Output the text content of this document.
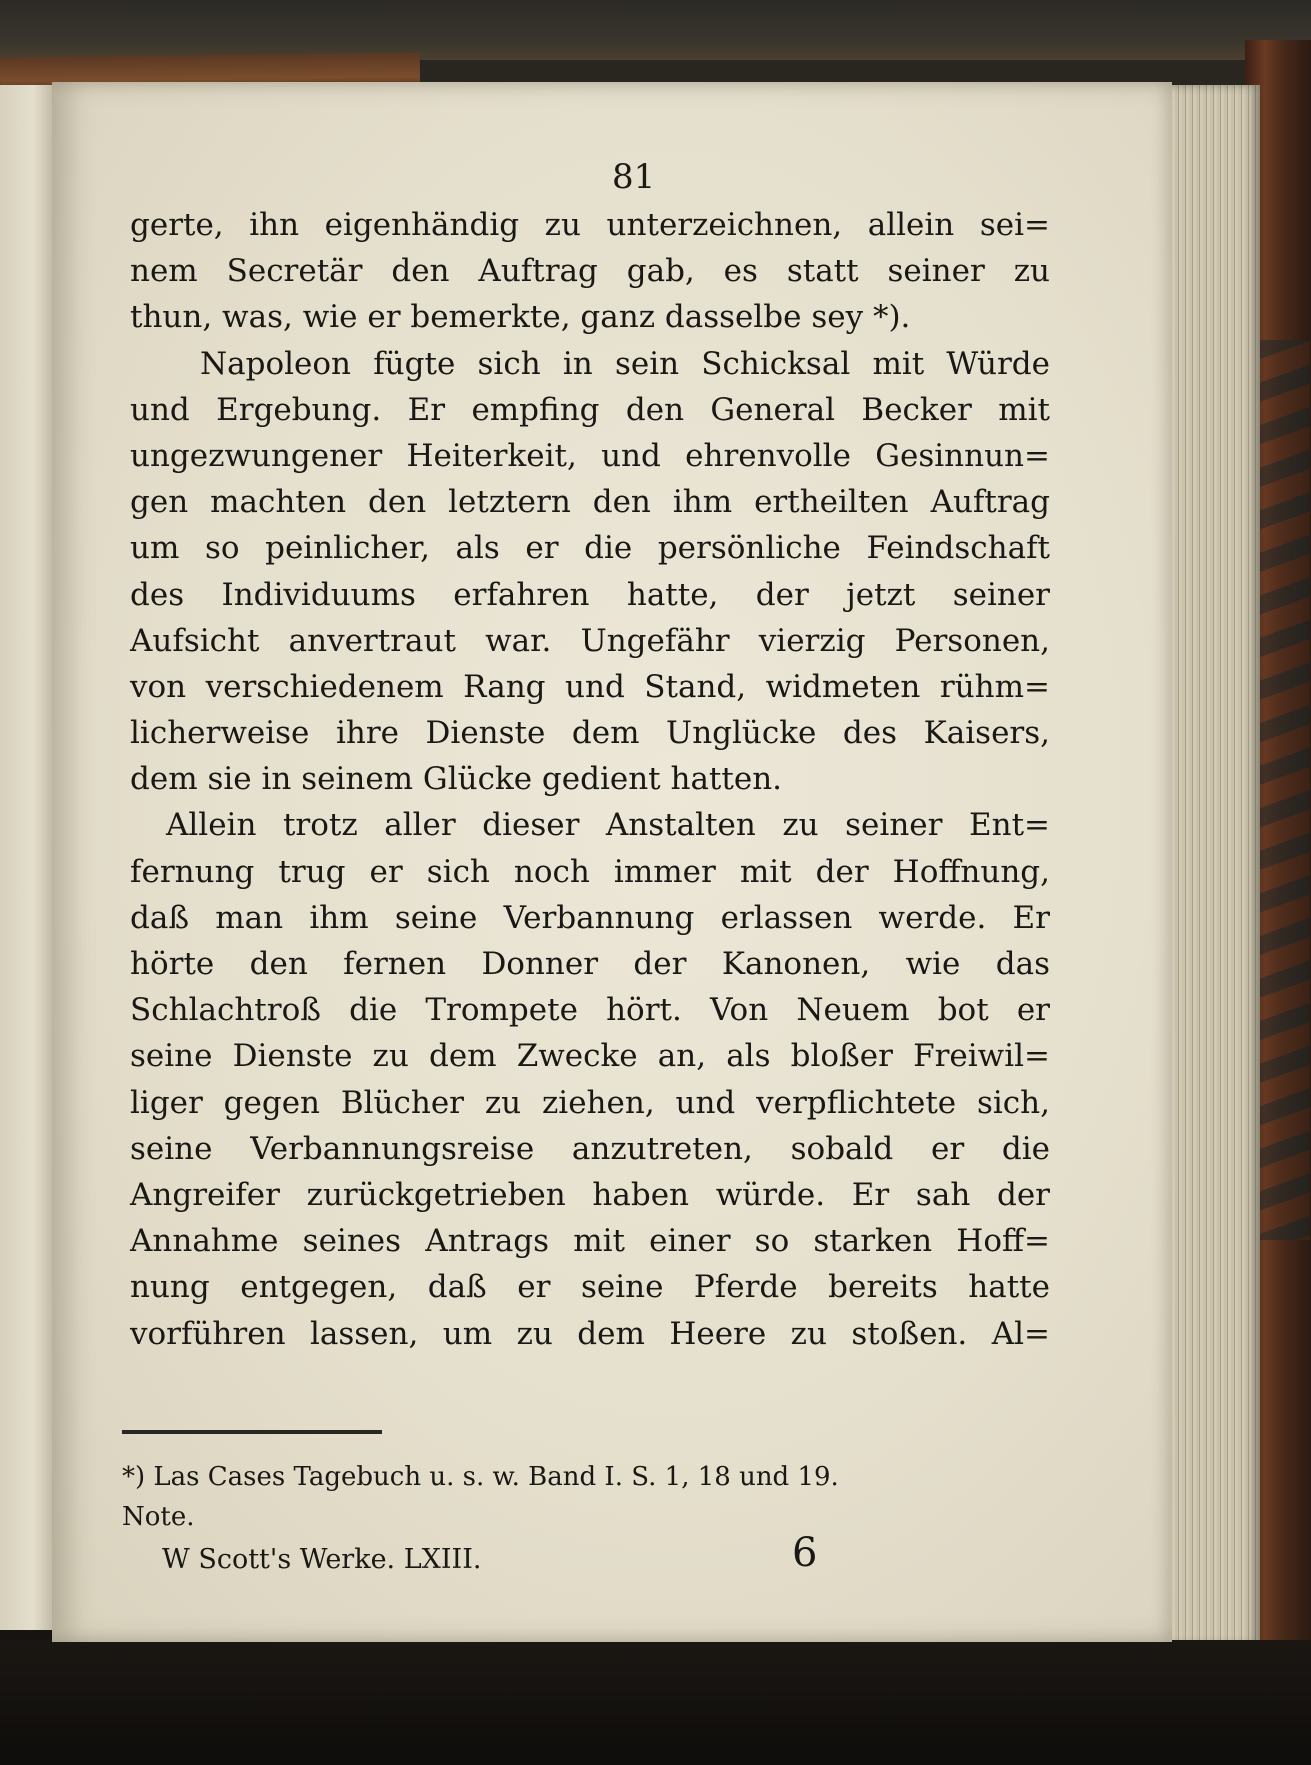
81
gerte, ihn eigenhändig zu unterzeichnen, allein sei=
nem Secretär den Auftrag gab, es statt seiner zu
thun, was, wie er bemerkte, ganz dasselbe sey *).
Napoleon fügte sich in sein Schicksal mit Würde
und Ergebung. Er empfing den General Becker mit
ungezwungener Heiterkeit, und ehrenvolle Gesinnun=
gen machten den letztern den ihm ertheilten Auftrag
um so peinlicher, als er die persönliche Feindschaft
des Individuums erfahren hatte, der jetzt seiner
Aufsicht anvertraut war. Ungefähr vierzig Personen,
von verschiedenem Rang und Stand, widmeten rühm=
licherweise ihre Dienste dem Unglücke des Kaisers,
dem sie in seinem Glücke gedient hatten.
Allein trotz aller dieser Anstalten zu seiner Ent=
fernung trug er sich noch immer mit der Hoffnung,
daß man ihm seine Verbannung erlassen werde. Er
hörte den fernen Donner der Kanonen, wie das
Schlachtroß die Trompete hört. Von Neuem bot er
seine Dienste zu dem Zwecke an, als bloßer Freiwil=
liger gegen Blücher zu ziehen, und verpflichtete sich,
seine Verbannungsreise anzutreten, sobald er die
Angreifer zurückgetrieben haben würde. Er sah der
Annahme seines Antrags mit einer so starken Hoff=
nung entgegen, daß er seine Pferde bereits hatte
vorführen lassen, um zu dem Heere zu stoßen. Al=
*) Las Cases Tagebuch u. s. w. Band I. S. 1, 18 und 19.
Note.
W Scott's Werke. LXIII.	6
